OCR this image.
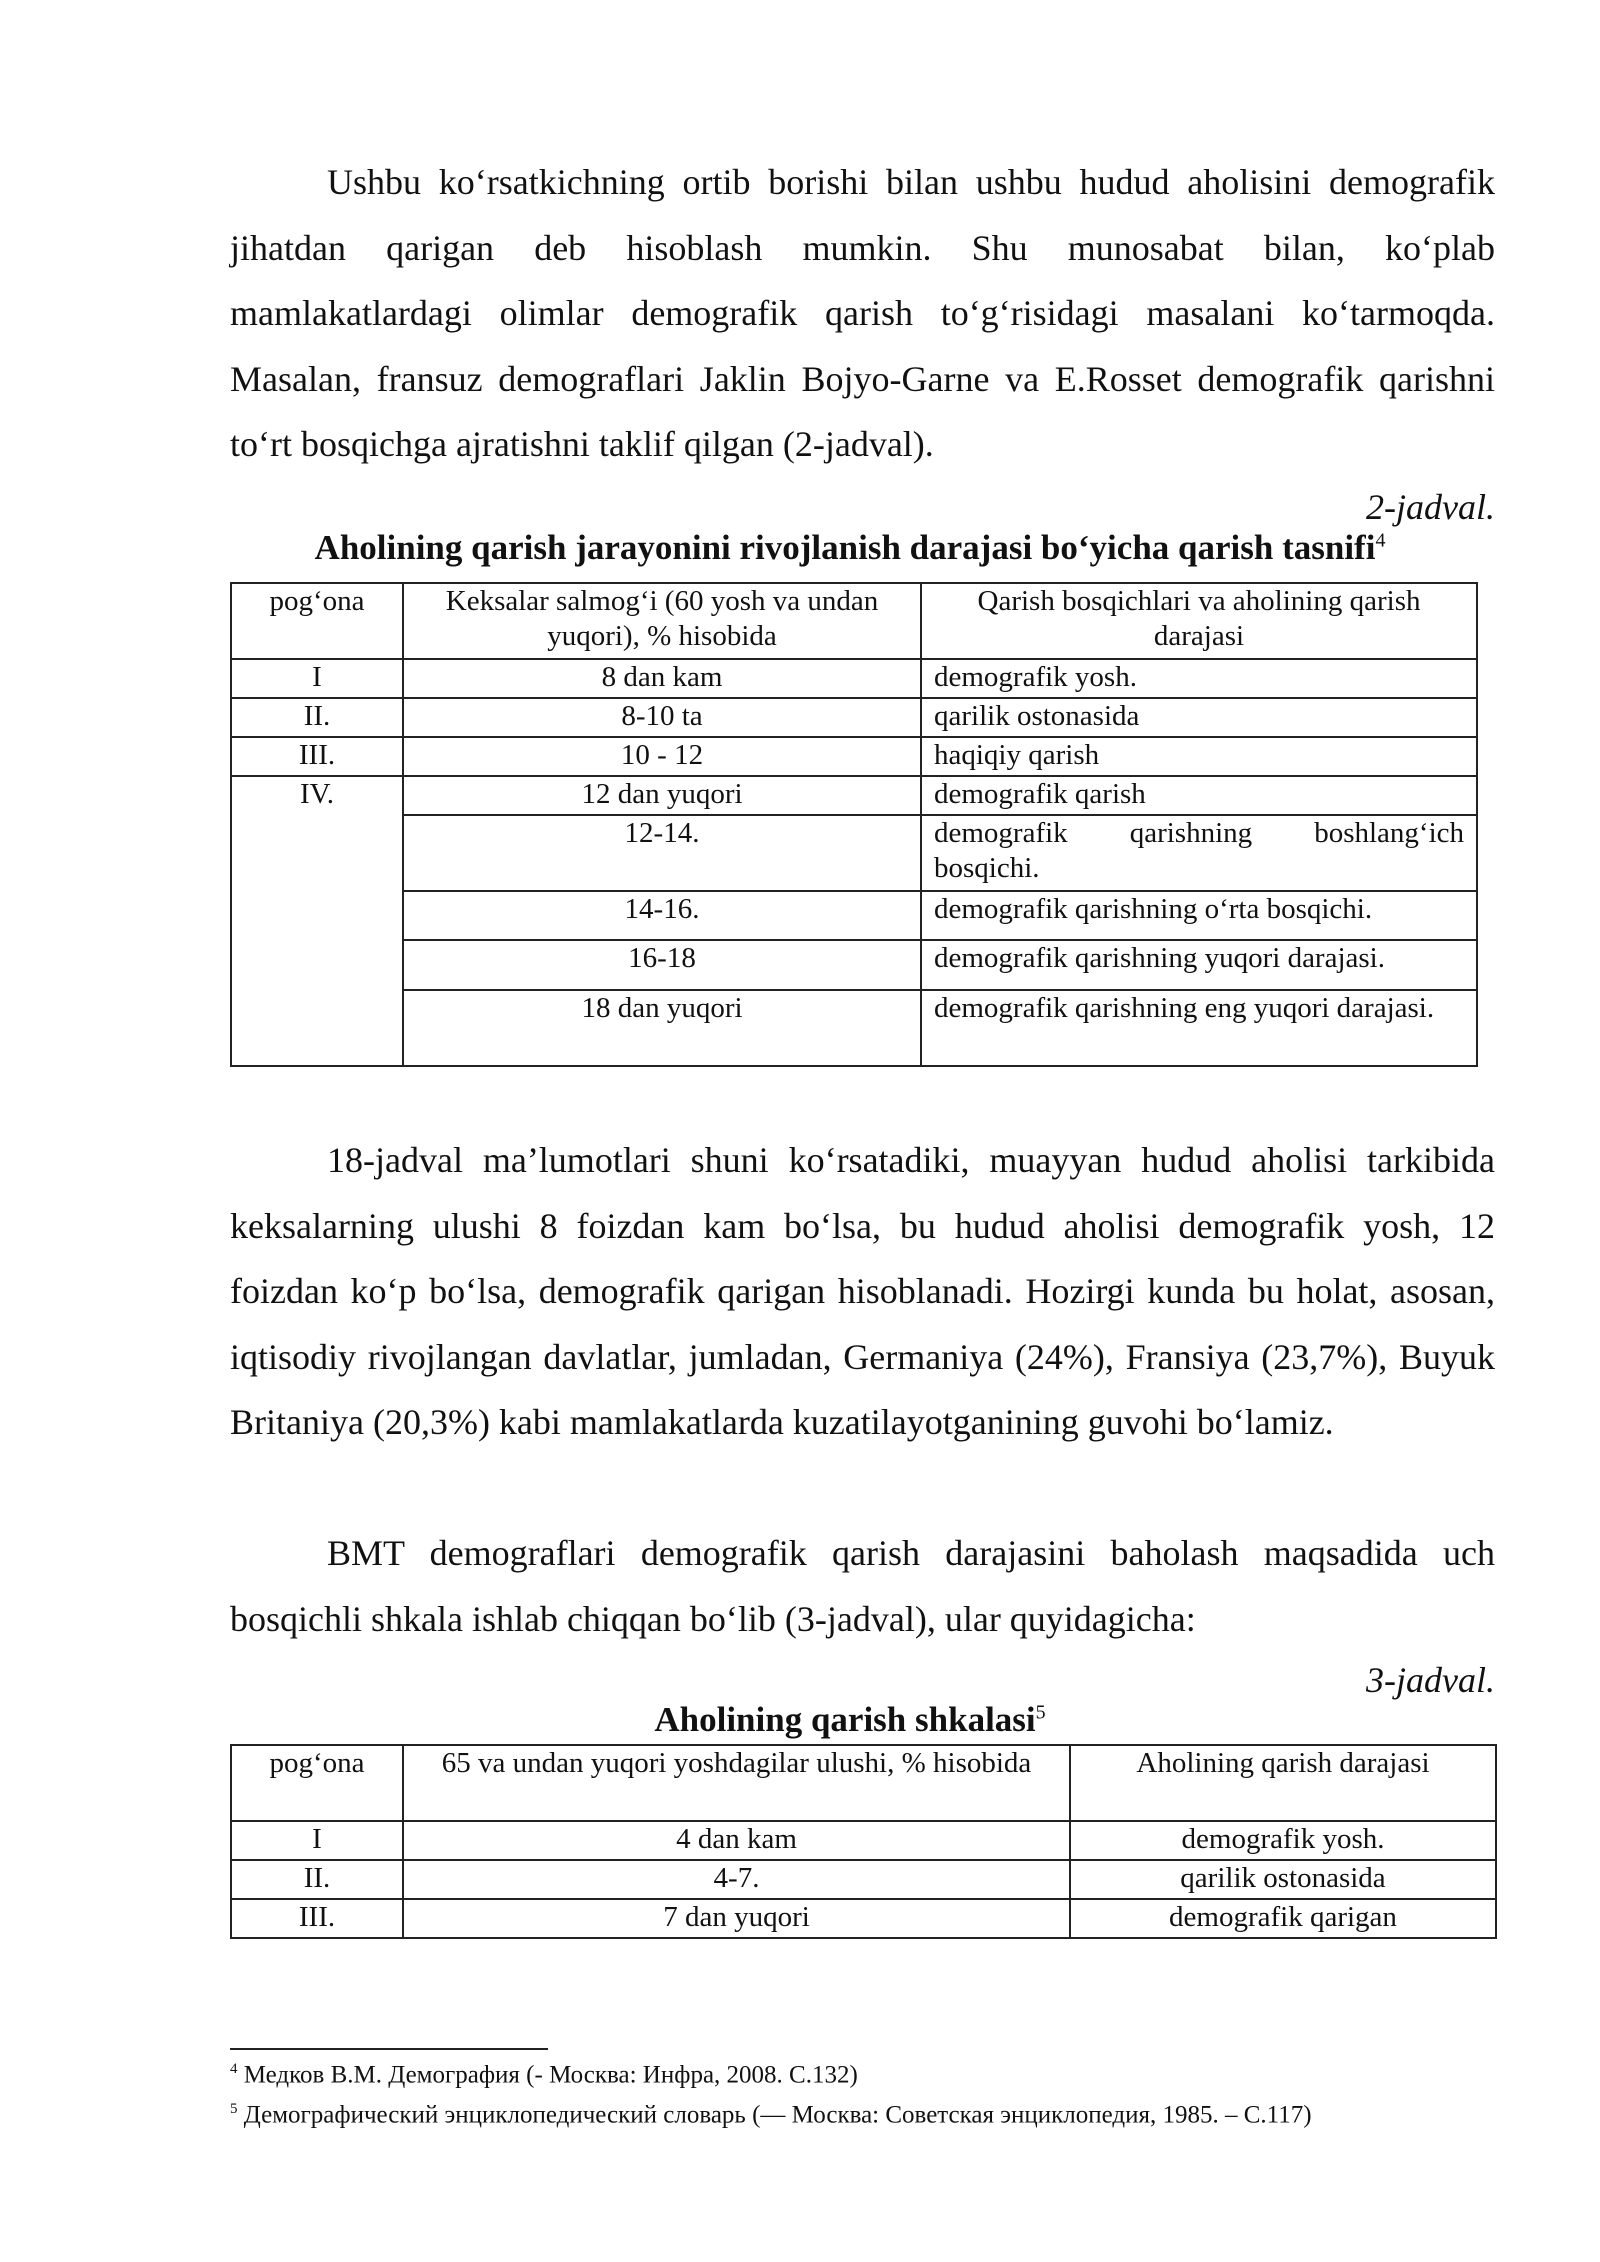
Ushbu koʻrsatkichning ortib borishi bilan ushbu hudud aholisini demografik jihatdan qarigan deb hisoblash mumkin. Shu munosabat bilan, koʻplab mamlakatlardagi olimlar demografik qarish toʻgʻrisidagi masalani koʻtarmoqda. Masalan, fransuz demograflari Jaklin Bojyo-Garne va E.Rosset demografik qarishni toʻrt bosqichga ajratishni taklif qilgan (2-jadval).

2-jadval.

Aholining qarish jarayonini rivojlanish darajasi boʻyicha qarish tasnifi$^4$

pogʻona	Keksalar salmogʻi (60 yosh va undan yuqori), % hisobida	Qarish bosqichlari va aholining qarish darajasi
I	8 dan kam	demografik yosh.
II.	8-10 ta	qarilik ostonasida
III.	10 - 12	haqiqiy qarish
IV.	12 dan yuqori	demografik qarish
	12-14.	demografik qarishning boshlangʻich bosqichi.
	14-16.	demografik qarishning oʻrta bosqichi.
	16-18	demografik qarishning yuqori darajasi.
	18 dan yuqori	demografik qarishning eng yuqori darajasi.

18-jadval ma’lumotlari shuni koʻrsatadiki, muayyan hudud aholisi tarkibida keksalarning ulushi 8 foizdan kam boʻlsa, bu hudud aholisi demografik yosh, 12 foizdan koʻp boʻlsa, demografik qarigan hisoblanadi. Hozirgi kunda bu holat, asosan, iqtisodiy rivojlangan davlatlar, jumladan, Germaniya (24%), Fransiya (23,7%), Buyuk Britaniya (20,3%) kabi mamlakatlarda kuzatilayotganining guvohi boʻlamiz.

BMT demograflari demografik qarish darajasini baholash maqsadida uch bosqichli shkala ishlab chiqqan boʻlib (3-jadval), ular quyidagicha:

3-jadval.

Aholining qarish shkalasi$^5$

pogʻona	65 va undan yuqori yoshdagilar ulushi, % hisobida	Aholining qarish darajasi
I	4 dan kam	demografik yosh.
II.	4-7.	qarilik ostonasida
III.	7 dan yuqori	demografik qarigan
$^4$ Медков В.М. Демография (- Москва: Инфра, 2008. С.132)
$^5$ Демографический энциклопедический словарь (— Москва: Советская энциклопедия, 1985. – С.117)
